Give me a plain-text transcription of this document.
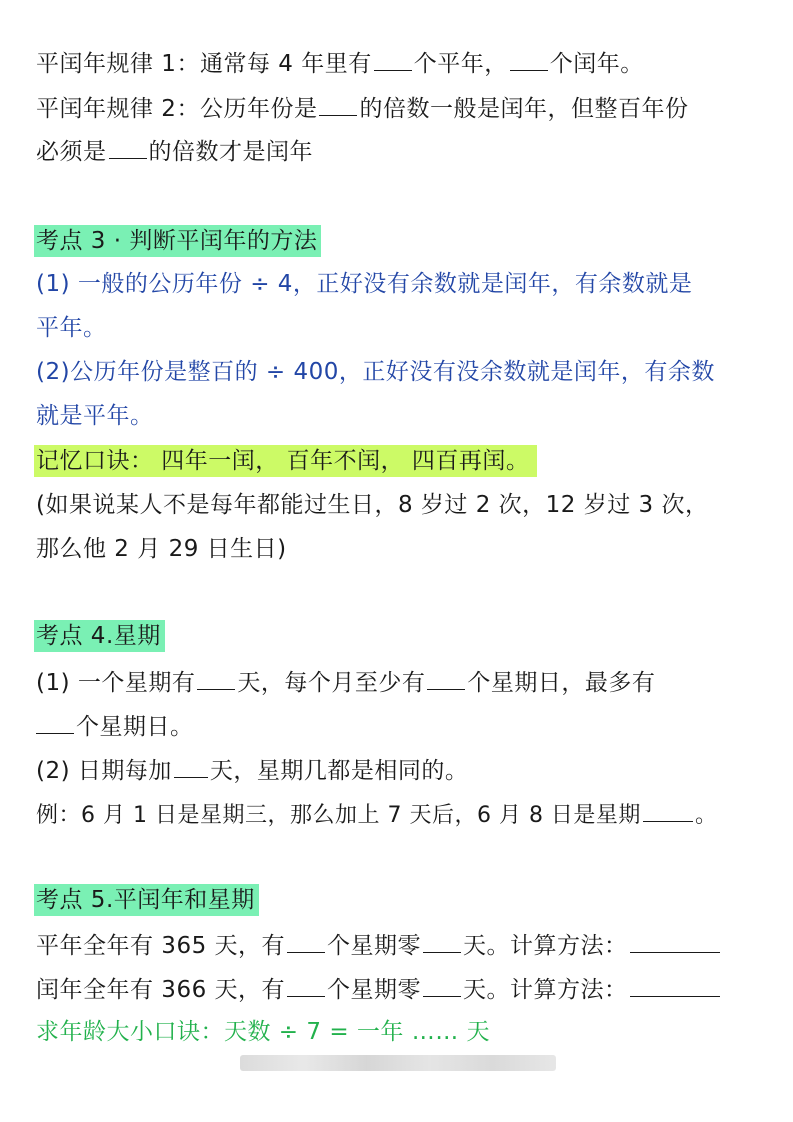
平闰年规律 1：通常每 4 年里有 个平年， 个闰年。
平闰年规律 2：公历年份是 的倍数一般是闰年，但整百年份
必须是 的倍数才是闰年
考点 3 · 判断平闰年的方法
(1) 一般的公历年份 ÷ 4，正好没有余数就是闰年，有余数就是
平年。
(2)公历年份是整百的 ÷ 400，正好没有没余数就是闰年，有余数
就是平年。
记忆口诀： 四年一闰， 百年不闰， 四百再闰。
(如果说某人不是每年都能过生日，8 岁过 2 次，12 岁过 3 次，
那么他 2 月 29 日生日)
考点 4.星期
(1) 一个星期有 天，每个月至少有 个星期日，最多有
个星期日。
(2) 日期每加 天，星期几都是相同的。
例：6 月 1 日是星期三，那么加上 7 天后，6 月 8 日是星期 。
考点 5.平闰年和星期
平年全年有 365 天，有 个星期零 天。计算方法：
闰年全年有 366 天，有 个星期零 天。计算方法：
求年龄大小口诀：天数 ÷ 7 = 一年 …… 天
